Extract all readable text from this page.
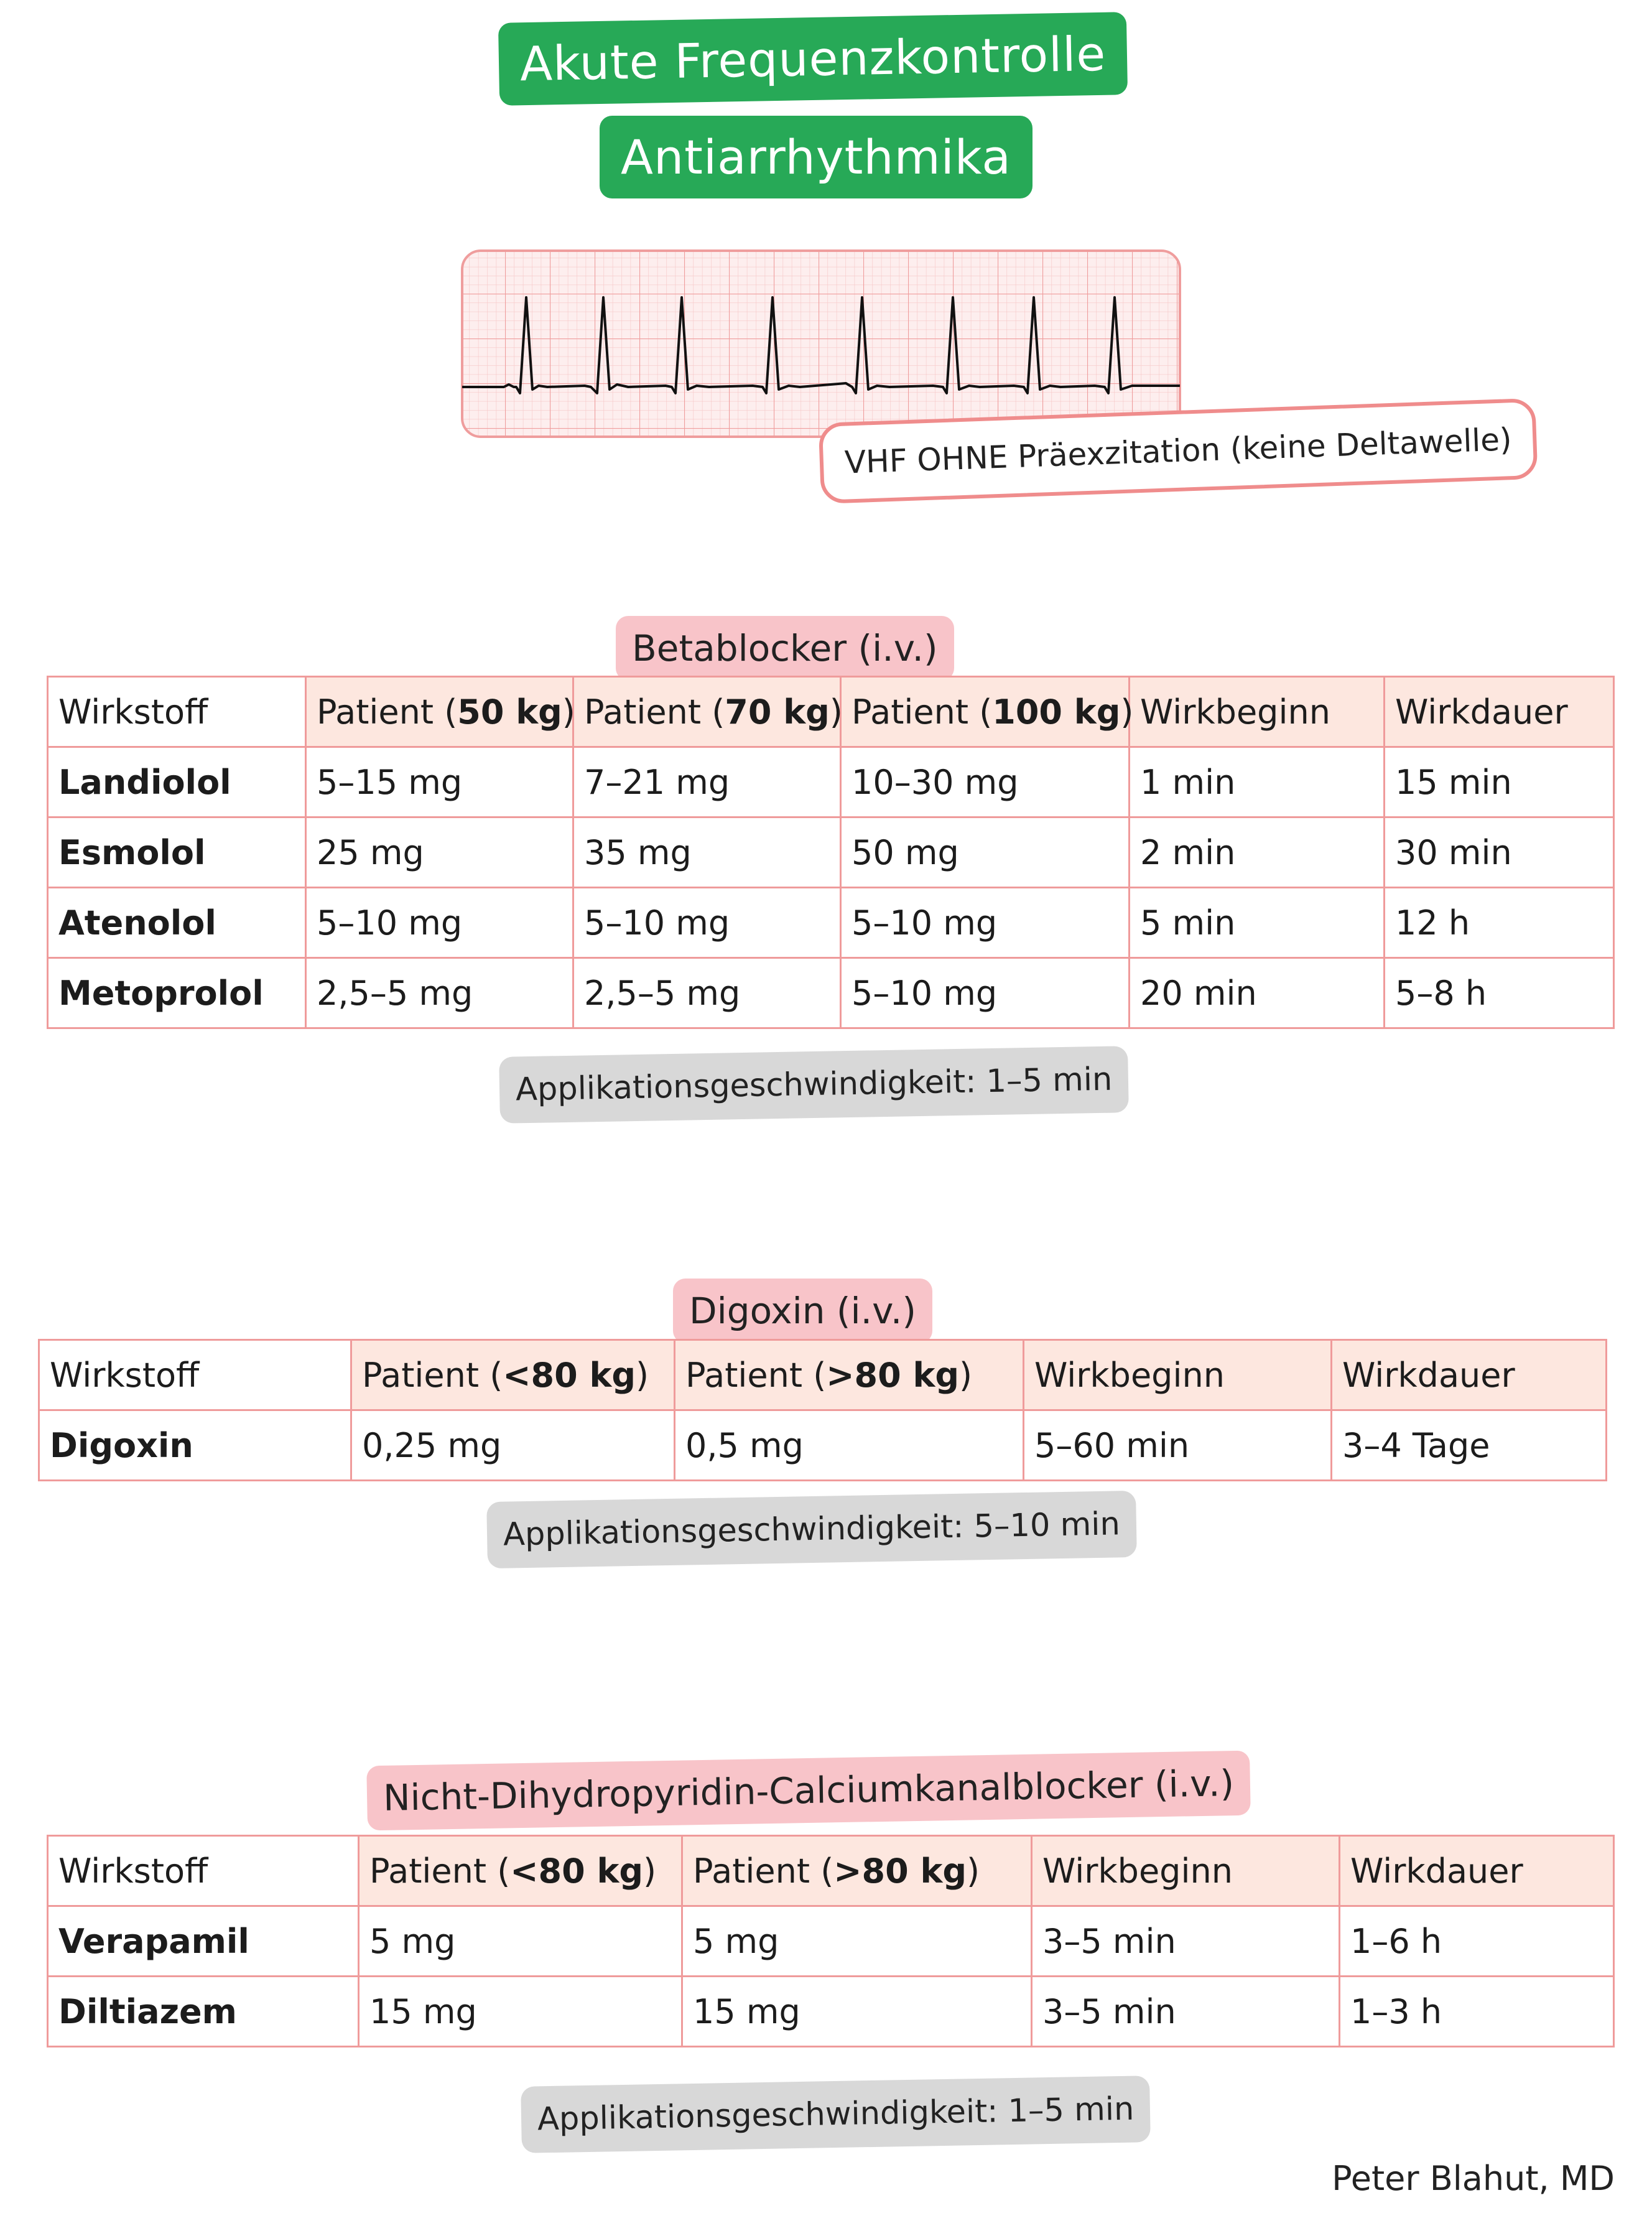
Akute Frequenzkontrolle
Antiarrhythmika
VHF OHNE Präexzitation (keine Deltawelle)
Betablocker (i.v.)
Wirkstoff	Patient (50 kg)	Patient (70 kg)	Patient (100 kg)	Wirkbeginn	Wirkdauer
Landiolol	5–15 mg	7–21 mg	10–30 mg	1 min	15 min
Esmolol	25 mg	35 mg	50 mg	2 min	30 min
Atenolol	5–10 mg	5–10 mg	5–10 mg	5 min	12 h
Metoprolol	2,5–5 mg	2,5–5 mg	5–10 mg	20 min	5–8 h
Applikationsgeschwindigkeit: 1–5 min
Digoxin (i.v.)
Wirkstoff	Patient (<80 kg)	Patient (>80 kg)	Wirkbeginn	Wirkdauer
Digoxin	0,25 mg	0,5 mg	5–60 min	3–4 Tage
Applikationsgeschwindigkeit: 5–10 min
Nicht-Dihydropyridin-Calciumkanalblocker (i.v.)
Wirkstoff	Patient (<80 kg)	Patient (>80 kg)	Wirkbeginn	Wirkdauer
Verapamil	5 mg	5 mg	3–5 min	1–6 h
Diltiazem	15 mg	15 mg	3–5 min	1–3 h
Applikationsgeschwindigkeit: 1–5 min
Peter Blahut, MD
